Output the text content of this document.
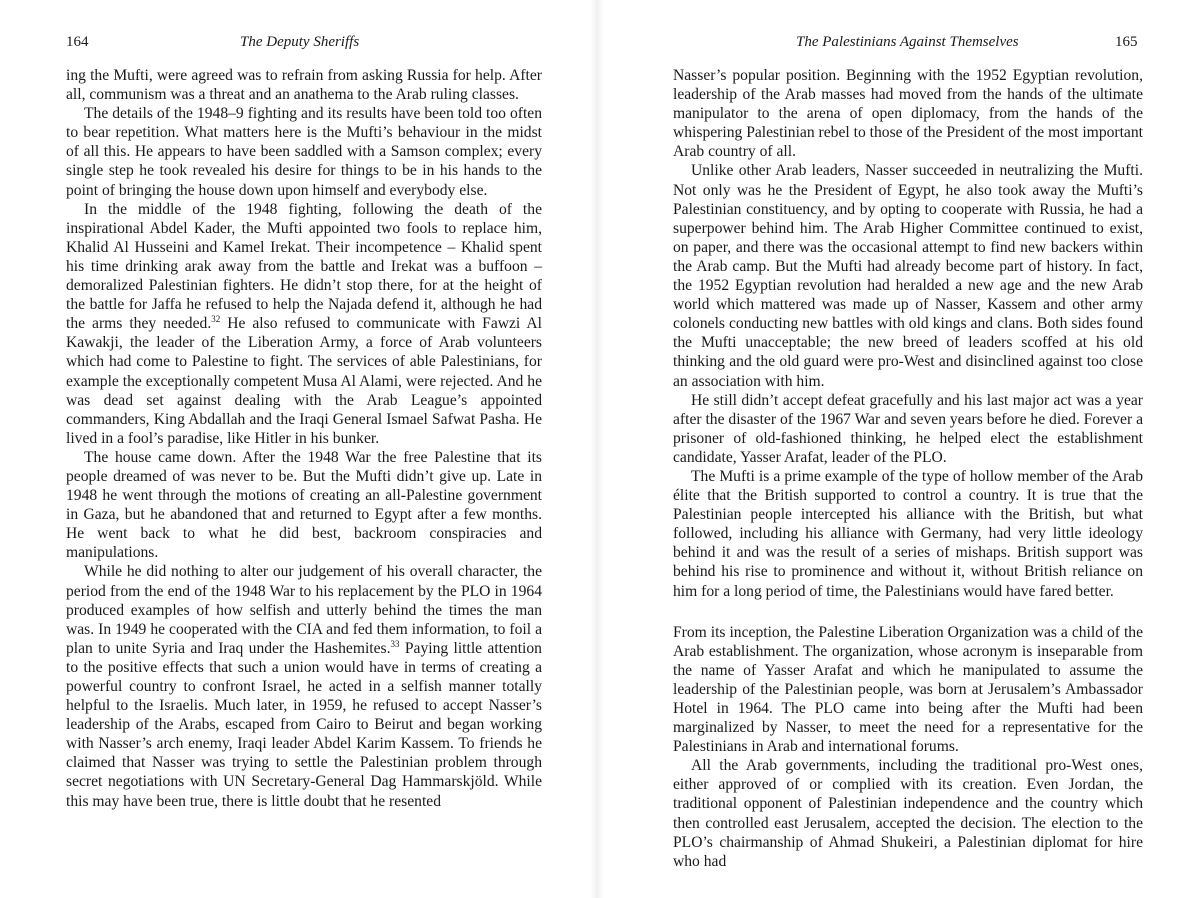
164	The Deputy Sheriffs

ing the Mufti, were agreed was to refrain from asking Russia for help. After all, communism was a threat and an anathema to the Arab ruling classes.

The details of the 1948–9 fighting and its results have been told too often to bear repetition. What matters here is the Mufti’s behaviour in the midst of all this. He appears to have been saddled with a Samson complex; every single step he took revealed his desire for things to be in his hands to the point of bringing the house down upon himself and everybody else.

In the middle of the 1948 fighting, following the death of the inspirational Abdel Kader, the Mufti appointed two fools to replace him, Khalid Al Husseini and Kamel Irekat. Their incompetence – Khalid spent his time drinking arak away from the battle and Irekat was a buffoon – demoralized Palestinian fighters. He didn’t stop there, for at the height of the battle for Jaffa he refused to help the Najada defend it, although he had the arms they needed.$^{32}$ He also refused to communicate with Fawzi Al Kawakji, the leader of the Liberation Army, a force of Arab volunteers which had come to Palestine to fight. The services of able Palestinians, for example the exceptionally competent Musa Al Alami, were rejected. And he was dead set against dealing with the Arab League’s appointed commanders, King Abdallah and the Iraqi General Ismael Safwat Pasha. He lived in a fool’s paradise, like Hitler in his bunker.

The house came down. After the 1948 War the free Palestine that its people dreamed of was never to be. But the Mufti didn’t give up. Late in 1948 he went through the motions of creating an all-Palestine government in Gaza, but he abandoned that and returned to Egypt after a few months. He went back to what he did best, backroom conspiracies and manipulations.

While he did nothing to alter our judgement of his overall character, the period from the end of the 1948 War to his replacement by the PLO in 1964 produced examples of how selfish and utterly behind the times the man was. In 1949 he cooperated with the CIA and fed them information, to foil a plan to unite Syria and Iraq under the Hashemites.$^{33}$ Paying little attention to the positive effects that such a union would have in terms of creating a powerful country to confront Israel, he acted in a selfish manner totally helpful to the Israelis. Much later, in 1959, he refused to accept Nasser’s leadership of the Arabs, escaped from Cairo to Beirut and began working with Nasser’s arch enemy, Iraqi leader Abdel Karim Kassem. To friends he claimed that Nasser was trying to settle the Palestinian problem through secret negotiations with UN Secretary-General Dag Hammarskjöld. While this may have been true, there is little doubt that he resented

The Palestinians Against Themselves	165

Nasser’s popular position. Beginning with the 1952 Egyptian revolution, leadership of the Arab masses had moved from the hands of the ultimate manipulator to the arena of open diplomacy, from the hands of the whispering Palestinian rebel to those of the President of the most important Arab country of all.

Unlike other Arab leaders, Nasser succeeded in neutralizing the Mufti. Not only was he the President of Egypt, he also took away the Mufti’s Palestinian constituency, and by opting to cooperate with Russia, he had a superpower behind him. The Arab Higher Committee continued to exist, on paper, and there was the occasional attempt to find new backers within the Arab camp. But the Mufti had already become part of history. In fact, the 1952 Egyptian revolution had heralded a new age and the new Arab world which mattered was made up of Nasser, Kassem and other army colonels conducting new battles with old kings and clans. Both sides found the Mufti unacceptable; the new breed of leaders scoffed at his old thinking and the old guard were pro-West and disinclined against too close an association with him.

He still didn’t accept defeat gracefully and his last major act was a year after the disaster of the 1967 War and seven years before he died. Forever a prisoner of old-fashioned thinking, he helped elect the establishment candidate, Yasser Arafat, leader of the PLO.

The Mufti is a prime example of the type of hollow member of the Arab élite that the British supported to control a country. It is true that the Palestinian people intercepted his alliance with the British, but what followed, including his alliance with Germany, had very little ideology behind it and was the result of a series of mishaps. British support was behind his rise to prominence and without it, without British reliance on him for a long period of time, the Palestinians would have fared better.

From its inception, the Palestine Liberation Organization was a child of the Arab establishment. The organization, whose acronym is inseparable from the name of Yasser Arafat and which he manipulated to assume the leadership of the Palestinian people, was born at Jerusalem’s Ambassador Hotel in 1964. The PLO came into being after the Mufti had been marginalized by Nasser, to meet the need for a representative for the Palestinians in Arab and international forums.

All the Arab governments, including the traditional pro-West ones, either approved of or complied with its creation. Even Jordan, the traditional opponent of Palestinian independence and the country which then controlled east Jerusalem, accepted the decision. The election to the PLO’s chairmanship of Ahmad Shukeiri, a Palestinian diplomat for hire who had
